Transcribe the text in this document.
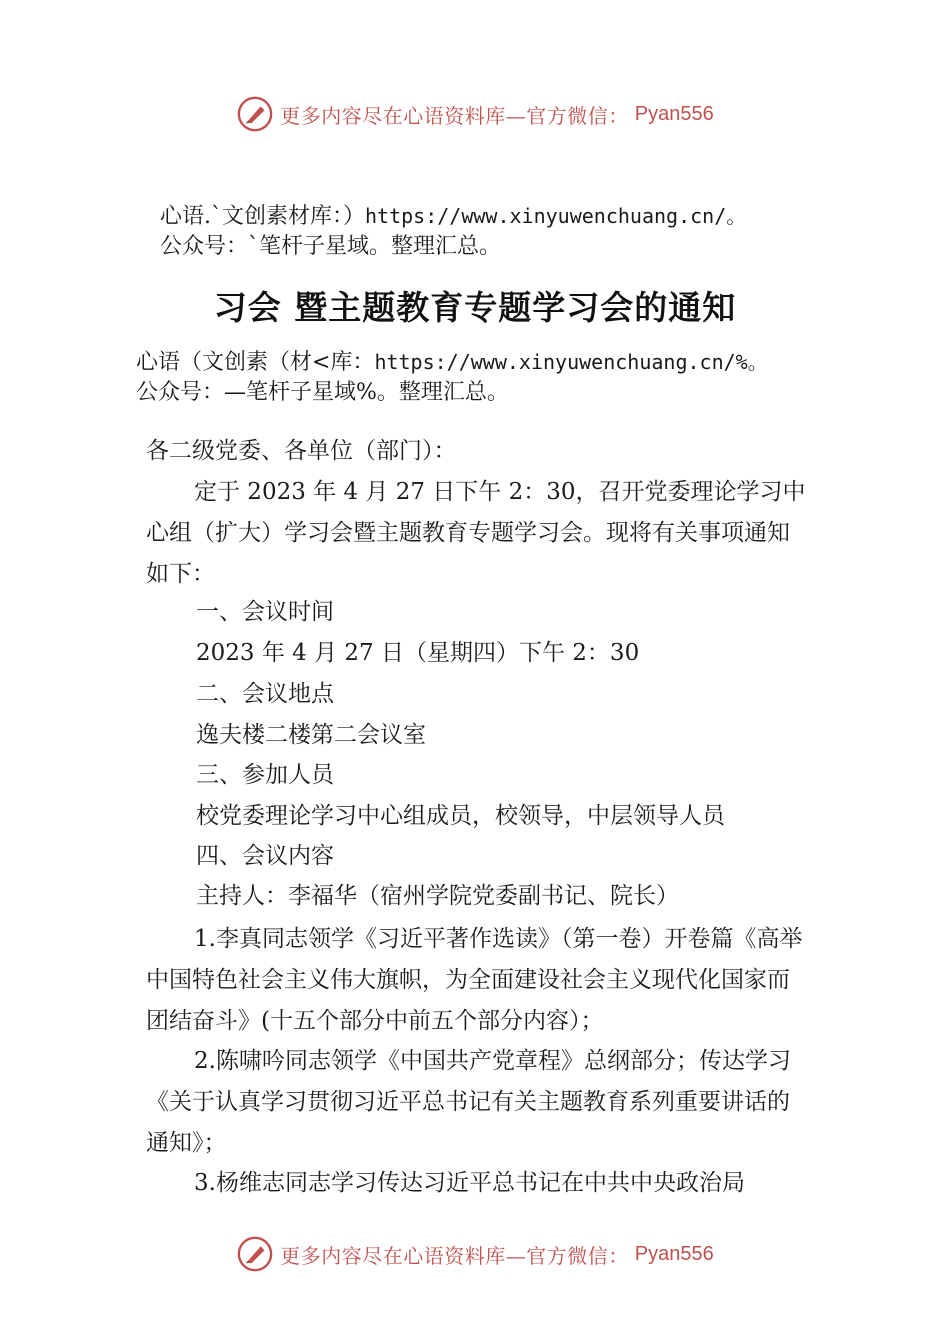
更多内容尽在心语资料库—官方微信： Pyan556
心语.`文创素材库：）https://www.xinyuwenchuang.cn/。
公众号：`笔杆子星域。整理汇总。
习会 暨主题教育专题学习会的通知
心语（文创素（材<库：https://www.xinyuwenchuang.cn/%。
公众号：—笔杆子星域%。整理汇总。
各二级党委、各单位（部门）：
定于 2023 年 4 月 27 日下午 2：30，召开党委理论学习中心组（扩大）学习会暨主题教育专题学习会。现将有关事项通知如下：
一、会议时间
2023 年 4 月 27 日（星期四）下午 2：30
二、会议地点
逸夫楼二楼第二会议室
三、参加人员
校党委理论学习中心组成员，校领导，中层领导人员
四、会议内容
主持人：李福华（宿州学院党委副书记、院长）
1.李真同志领学《习近平著作选读》（第一卷）开卷篇《高举中国特色社会主义伟大旗帜，为全面建设社会主义现代化国家而团结奋斗》(十五个部分中前五个部分内容）；
2.陈啸吟同志领学《中国共产党章程》总纲部分；传达学习《关于认真学习贯彻习近平总书记有关主题教育系列重要讲话的通知》；
3.杨维志同志学习传达习近平总书记在中共中央政治局
更多内容尽在心语资料库—官方微信： Pyan556
